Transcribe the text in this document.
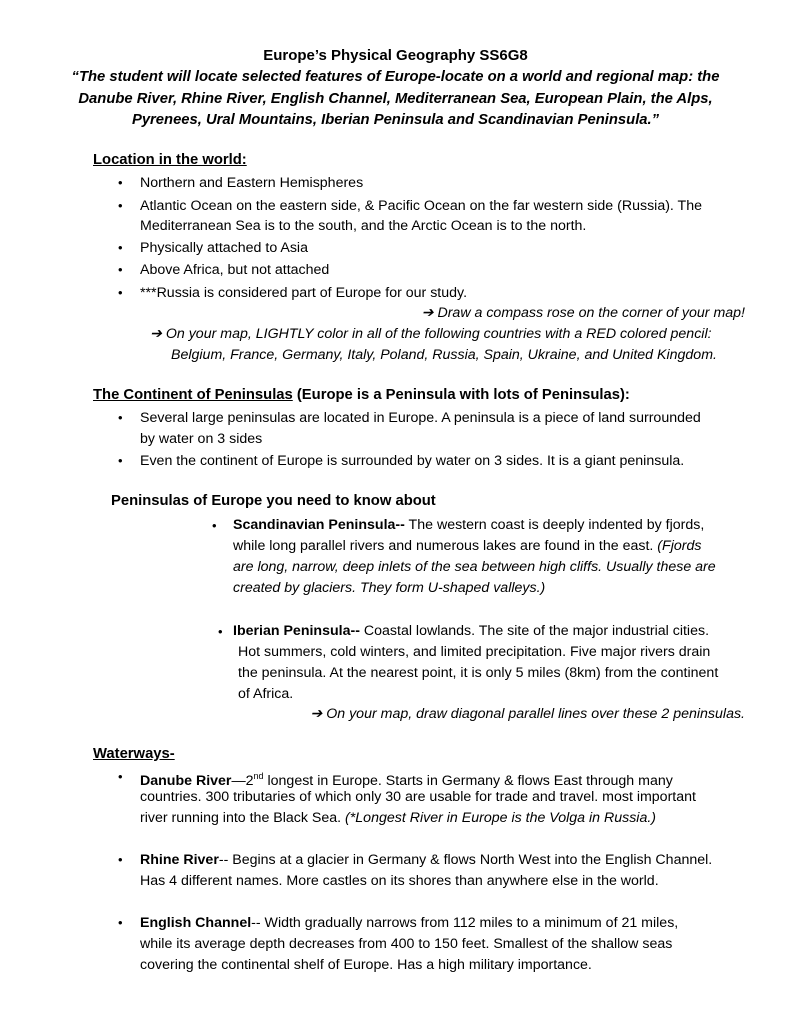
Europe’s Physical Geography SS6G8
“The student will locate selected features of Europe-locate on a world and regional map: the
Danube River, Rhine River, English Channel, Mediterranean Sea, European Plain, the Alps,
Pyrenees, Ural Mountains, Iberian Peninsula and Scandinavian Peninsula.”
Location in the world:
• Northern and Eastern Hemispheres
• Atlantic Ocean on the eastern side, & Pacific Ocean on the far western side (Russia). The
Mediterranean Sea is to the south, and the Arctic Ocean is to the north.
• Physically attached to Asia
• Above Africa, but not attached
• ***Russia is considered part of Europe for our study.
➔ Draw a compass rose on the corner of your map!
➔ On your map, LIGHTLY color in all of the following countries with a RED colored pencil:
Belgium, France, Germany, Italy, Poland, Russia, Spain, Ukraine, and United Kingdom.
The Continent of Peninsulas (Europe is a Peninsula with lots of Peninsulas):
• Several large peninsulas are located in Europe. A peninsula is a piece of land surrounded
by water on 3 sides
• Even the continent of Europe is surrounded by water on 3 sides. It is a giant peninsula.
Peninsulas of Europe you need to know about
• Scandinavian Peninsula-- The western coast is deeply indented by fjords,
while long parallel rivers and numerous lakes are found in the east. (Fjords
are long, narrow, deep inlets of the sea between high cliffs. Usually these are
created by glaciers. They form U-shaped valleys.)
• Iberian Peninsula-- Coastal lowlands. The site of the major industrial cities.
Hot summers, cold winters, and limited precipitation. Five major rivers drain
the peninsula. At the nearest point, it is only 5 miles (8km) from the continent
of Africa.
➔ On your map, draw diagonal parallel lines over these 2 peninsulas.
Waterways-
• Danube River—2nd longest in Europe. Starts in Germany & flows East through many
countries. 300 tributaries of which only 30 are usable for trade and travel. most important
river running into the Black Sea. (*Longest River in Europe is the Volga in Russia.)
• Rhine River-- Begins at a glacier in Germany & flows North West into the English Channel.
Has 4 different names. More castles on its shores than anywhere else in the world.
• English Channel-- Width gradually narrows from 112 miles to a minimum of 21 miles,
while its average depth decreases from 400 to 150 feet. Smallest of the shallow seas
covering the continental shelf of Europe. Has a high military importance.
